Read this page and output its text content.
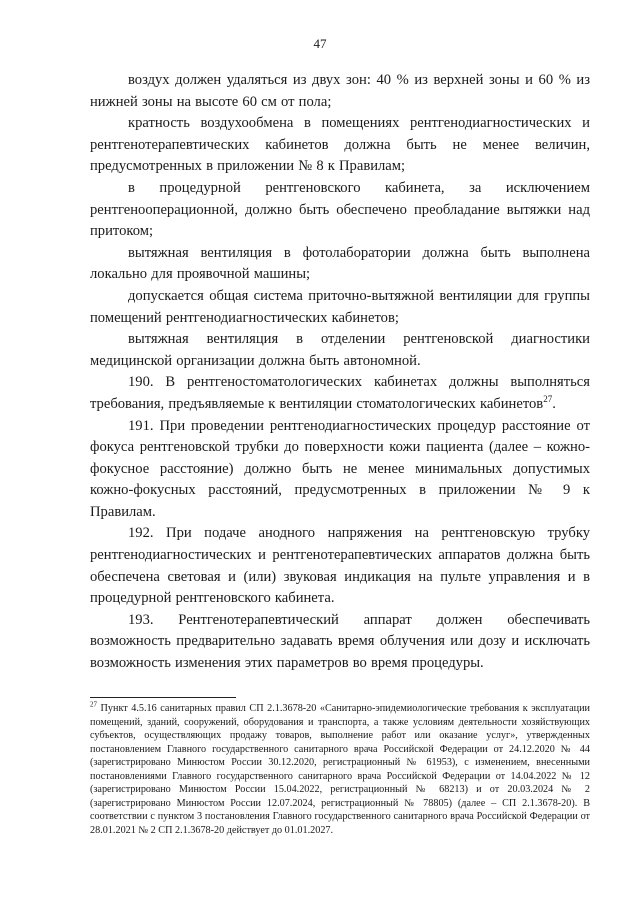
47

воздух должен удаляться из двух зон: 40 % из верхней зоны и 60 % из нижней зоны на высоте 60 см от пола;

кратность воздухообмена в помещениях рентгенодиагностических и рентгенотерапевтических кабинетов должна быть не менее величин, предусмотренных в приложении № 8 к Правилам;

в процедурной рентгеновского кабинета, за исключением рентгенооперационной, должно быть обеспечено преобладание вытяжки над притоком;

вытяжная вентиляция в фотолаборатории должна быть выполнена локально для проявочной машины;

допускается общая система приточно-вытяжной вентиляции для группы помещений рентгенодиагностических кабинетов;

вытяжная вентиляция в отделении рентгеновской диагностики медицинской организации должна быть автономной.

190. В рентгеностоматологических кабинетах должны выполняться требования, предъявляемые к вентиляции стоматологических кабинетов$^{27}$.

191. При проведении рентгенодиагностических процедур расстояние от фокуса рентгеновской трубки до поверхности кожи пациента (далее – кожно-фокусное расстояние) должно быть не менее минимальных допустимых кожно-фокусных расстояний, предусмотренных в приложении № 9 к Правилам.

192. При подаче анодного напряжения на рентгеновскую трубку рентгенодиагностических и рентгенотерапевтических аппаратов должна быть обеспечена световая и (или) звуковая индикация на пульте управления и в процедурной рентгеновского кабинета.

193. Рентгенотерапевтический аппарат должен обеспечивать возможность предварительно задавать время облучения или дозу и исключать возможность изменения этих параметров во время процедуры.

$^{27}$ Пункт 4.5.16 санитарных правил СП 2.1.3678-20 «Санитарно-эпидемиологические требования к эксплуатации помещений, зданий, сооружений, оборудования и транспорта, а также условиям деятельности хозяйствующих субъектов, осуществляющих продажу товаров, выполнение работ или оказание услуг», утвержденных постановлением Главного государственного санитарного врача Российской Федерации от 24.12.2020 № 44 (зарегистрировано Минюстом России 30.12.2020, регистрационный № 61953), с изменением, внесенными постановлениями Главного государственного санитарного врача Российской Федерации от 14.04.2022 № 12 (зарегистрировано Минюстом России 15.04.2022, регистрационный № 68213) и от 20.03.2024 № 2 (зарегистрировано Минюстом России 12.07.2024, регистрационный № 78805) (далее – СП 2.1.3678-20). В соответствии с пунктом 3 постановления Главного государственного санитарного врача Российской Федерации от 28.01.2021 № 2 СП 2.1.3678-20 действует до 01.01.2027.
